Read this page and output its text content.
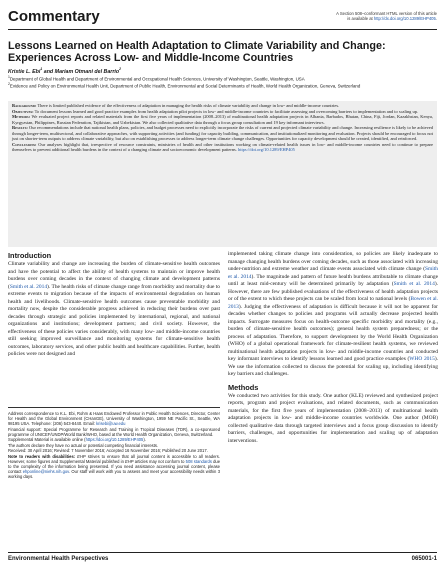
Commentary	A Section 508–conformant HTML version of this article
is available at http://dx.doi.org/10.1289/EHP405.
Lessons Learned on Health Adaptation to Climate Variability and Change: Experiences Across Low- and Middle-Income Countries
Kristie L. Ebi$^1$ and Mariam Otmani del Barrio$^2$
$^1$Department of Global Health and Department of Environmental and Occupational Health Sciences, University of Washington, Seattle, Washington, USA
$^2$Evidence and Policy on Environmental Health Unit, Department of Public Health, Environmental and Social Determinants of Health, World Health Organization, Geneva, Switzerland

Background: There is limited published evidence of the effectiveness of adaptation in managing the health risks of climate variability and change in low- and middle-income countries.

Objectives: To document lessons learned and good practice examples from health adaptation pilot projects in low- and middle-income countries to facilitate assessing and overcoming barriers to implementation and to scaling up.

Methods: We evaluated project reports and related materials from the first five years of implementation (2008–2013) of multinational health adaptation projects in Albania, Barbados, Bhutan, China, Fiji, Jordan, Kazakhstan, Kenya, Kyrgyzstan, Philippines, Russian Federation, Tajikistan, and Uzbekistan. We also collected qualitative data through a focus group consultation and 19 key informant interviews.

Results: Our recommendations include that national health plans, policies, and budget processes need to explicitly incorporate the risks of current and projected climate variability and change. Increasing resilience is likely to be achieved through longer-term, multisectoral, and collaborative approaches, with supporting activities (and funding) for capacity building, communication, and institutionalized monitoring and evaluation. Projects should be encouraged to focus not just on shorter-term outputs to address climate variability, but also on establishing processes to address longer-term climate change challenges. Opportunities for capacity development should be created, identified, and reinforced.

Conclusions: Our analyses highlight that, irrespective of resource constraints, ministries of health and other institutions working on climate-related health issues in low- and middle-income countries need to continue to prepare themselves to prevent additional health burdens in the context of a changing climate and socioeconomic development patterns. https://doi.org/10.1289/EHP405

Introduction

Climate variability and change are increasing the burden of climate-sensitive health outcomes and have the potential to affect the ability of health systems to maintain or improve health burdens over coming decades in the context of changing climate and development patterns (Smith et al. 2014). The health risks of climate change range from morbidity and mortality due to extreme events to migration because of the impacts of environmental degradation on human health and livelihoods. Climate-sensitive health outcomes cause preventable morbidity and mortality now, despite the considerable progress achieved in reducing their burdens over past decades through strategic and policies implemented by international, regional, and national organizations and institutions; development partners; and civil society. However, the effectiveness of these policies varies considerably, with many low- and middle-income countries still seeking improved surveillance and monitoring systems for climate-sensitive health outcomes, laboratory services, and other public health and healthcare capabilities. Further, health policies were not designed and

Address correspondence to K.L. Ebi, Rohm & Haas Endowed Professor in Public Health Sciences, Director, Center for Health and the Global Environment (CHanGE), University of Washington, 1959 NE Pacific St., Seattle, WA 98195 USA. Telephone: (206) 543-8440. Email: krisebi@uw.edu

Financial support: Special Programme for Research and Training in Tropical Diseases (TDR), a co-sponsored programme of UNICEF/UNDP/World Bank/WHO, based at the World Health Organization, Geneva, Switzerland.

Supplemental Material is available online (https://doi.org/10.1289/EHP405).

The authors declare they have no actual or potential competing financial interests.

Received: 30 April 2016; Revised: 7 November 2016; Accepted 16 November 2016; Published 20 June 2017.

Note to readers with disabilities: EHP strives to ensure that all journal content is accessible to all readers. However, some figures and Supplemental Material published in EHP articles may not conform to 508 standards due to the complexity of the information being presented. If you need assistance accessing journal content, please contact ehponline@niehs.nih.gov. Our staff will work with you to assess and meet your accessibility needs within 3 working days.

implemented taking climate change into consideration, so policies are likely inadequate to manage changing health burdens over coming decades, such as those associated with increasing under-nutrition and extreme weather and climate events associated with climate change (Smith et al. 2014). The magnitude and pattern of future health burdens attributable to climate change until at least mid-century will be determined primarily by adaptation (Smith et al. 2014). However, there are few published evaluations of the effectiveness of health adaptation projects or of the extent to which these projects can be scaled from local to national levels (Bowen et al. 2013). Judging the effectiveness of adaptation is difficult because it will not be apparent for decades whether changes to policies and programs will actually decrease projected health impacts. Surrogate measures focus on health-outcome specific morbidity and mortality (e.g., burden of climate-sensitive health outcomes); general health system preparedness; or the process of adaptation. Therefore, to support development by the World Health Organization (WHO) of a global operational framework for climate-resilient health systems, we reviewed multinational health adaptation projects in low- and middle-income countries and conducted key informant interviews to identify lessons learned and good practice examples (WHO 2015). We use the information collected to discuss the potential for scaling up, including identifying key barriers and challenges.

Methods

We conducted two activities for this study. One author (KLE) reviewed and synthesized project reports, program and project evaluations, and related documents, such as communication materials, for the first five years of implementation (2008–2013) of multinational health adaptation projects in low- and middle-income countries worldwide. One author (MOB) collected qualitative data through targeted interviews and a focus group discussion to identify barriers, challenges, and opportunities for implementation and scaling up of adaptation interventions.

Environmental Health Perspectives	065001-1
